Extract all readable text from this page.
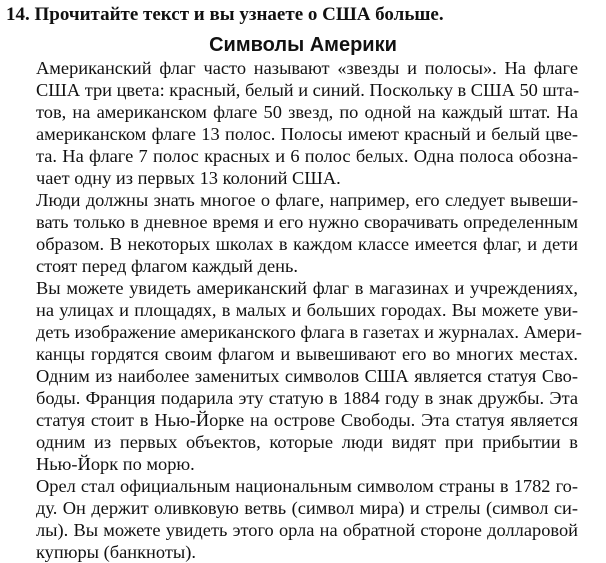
14. Прочитайте текст и вы узнаете о США больше.
Символы Америки
Американский флаг часто называют «звезды и полосы». На флаге
США три цвета: красный, белый и синий. Поскольку в США 50 шта-
тов, на американском флаге 50 звезд, по одной на каждый штат. На
американском флаге 13 полос. Полосы имеют красный и белый цве-
та. На флаге 7 полос красных и 6 полос белых. Одна полоса обозна-
чает одну из первых 13 колоний США.
Люди должны знать многое о флаге, например, его следует вывеши-
вать только в дневное время и его нужно сворачивать определенным
образом. В некоторых школах в каждом классе имеется флаг, и дети
стоят перед флагом каждый день.
Вы можете увидеть американский флаг в магазинах и учреждениях,
на улицах и площадях, в малых и больших городах. Вы можете уви-
деть изображение американского флага в газетах и журналах. Амери-
канцы гордятся своим флагом и вывешивают его во многих местах.
Одним из наиболее заменитых символов США является статуя Сво-
боды. Франция подарила эту статую в 1884 году в знак дружбы. Эта
статуя стоит в Нью-Йорке на острове Свободы. Эта статуя является
одним из первых объектов, которые люди видят при прибытии в
Нью-Йорк по морю.
Орел стал официальным национальным символом страны в 1782 го-
ду. Он держит оливковую ветвь (символ мира) и стрелы (символ си-
лы). Вы можете увидеть этого орла на обратной стороне долларовой
купюры (банкноты).
